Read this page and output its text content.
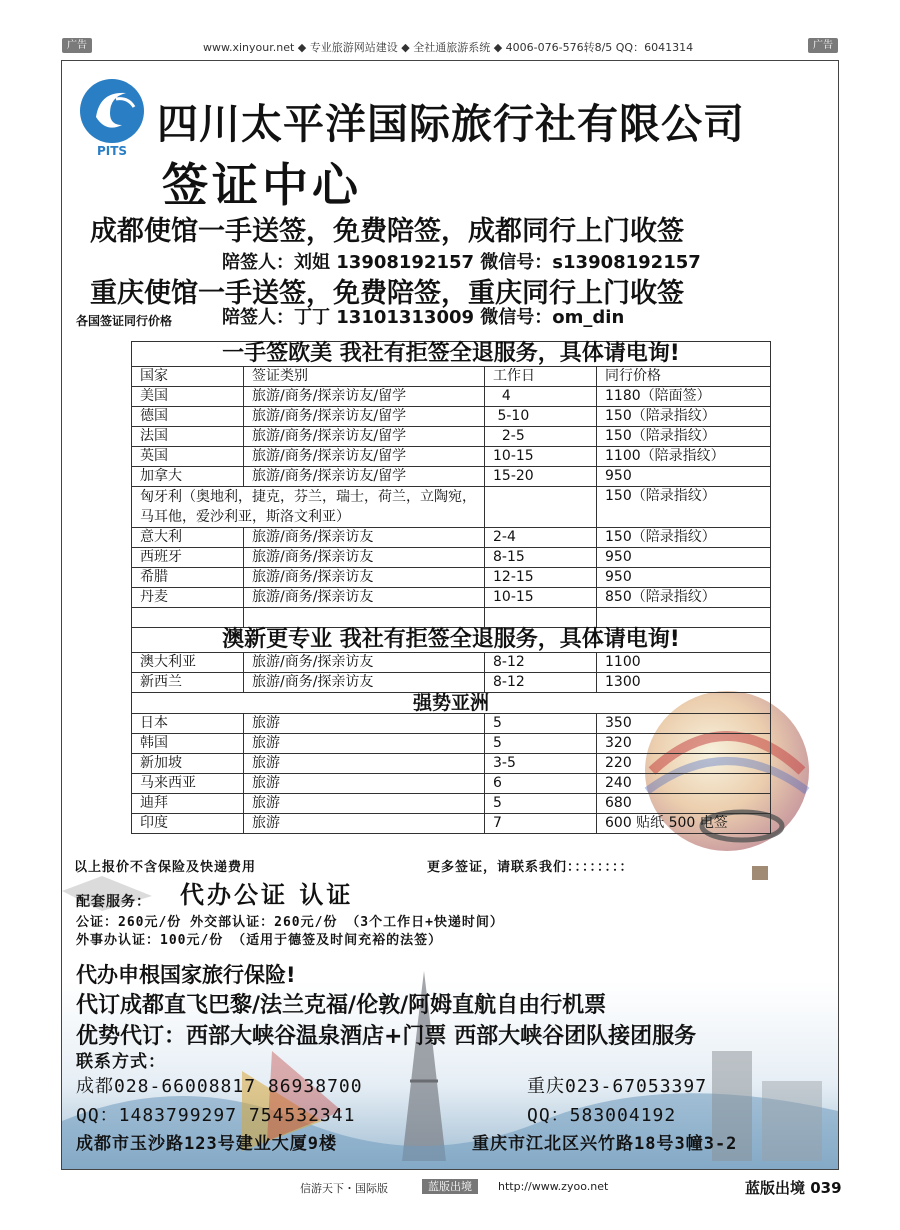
广告	www.xinyour.net ◆ 专业旅游网站建设 ◆ 全社通旅游系统 ◆ 4006-076-576转8/5 QQ：6041314	广告
PITS
四川太平洋国际旅行社有限公司
签证中心
成都使馆一手送签，免费陪签，成都同行上门收签
陪签人：刘姐 13908192157 微信号：s13908192157
重庆使馆一手送签，免费陪签，重庆同行上门收签
各国签证同行价格	陪签人：丁丁 13101313009 微信号：om_din
一手签欧美 我社有拒签全退服务，具体请电询!			
国家	签证类别	工作日	同行价格
美国	旅游/商务/探亲访友/留学	4	1180（陪面签）
德国	旅游/商务/探亲访友/留学	5-10	150（陪录指纹）
法国	旅游/商务/探亲访友/留学	2-5	150（陪录指纹）
英国	旅游/商务/探亲访友/留学	10-15	1100（陪录指纹）
加拿大	旅游/商务/探亲访友/留学	15-20	950
匈牙利（奥地利，捷克，芬兰，瑞士，荷兰，立陶宛，马耳他，爱沙利亚，斯洛文利亚）			150（陪录指纹）
意大利	旅游/商务/探亲访友	2-4	150（陪录指纹）
西班牙	旅游/商务/探亲访友	8-15	950
希腊	旅游/商务/探亲访友	12-15	950
丹麦	旅游/商务/探亲访友	10-15	850（陪录指纹）

澳新更专业 我社有拒签全退服务，具体请电询!			
澳大利亚	旅游/商务/探亲访友	8-12	1100
新西兰	旅游/商务/探亲访友	8-12	1300
强势亚洲			
日本	旅游	5	350
韩国	旅游	5	320
新加坡	旅游	3-5	220
马来西亚	旅游	6	240
迪拜	旅游	5	680
印度	旅游	7	600 贴纸 500 电签
以上报价不含保险及快递费用	更多签证，请联系我们：：：：：：：：
配套服务： 代办公证 认证
公证：260元/份 外交部认证：260元/份 （3个工作日+快递时间）
外事办认证：100元/份 （适用于德签及时间充裕的法签）
代办申根国家旅行保险!
代订成都直飞巴黎/法兰克福/伦敦/阿姆直航自由行机票
优势代订：西部大峡谷温泉酒店+门票 西部大峡谷团队接团服务
联系方式：
成都028-66008817 86938700	重庆023-67053397
QQ：1483799297 754532341	QQ：583004192
成都市玉沙路123号建业大厦9楼	重庆市江北区兴竹路18号3幢3-2
信游天下・国际版	蓝版出境	http://www.zyoo.net	蓝版出境 039
